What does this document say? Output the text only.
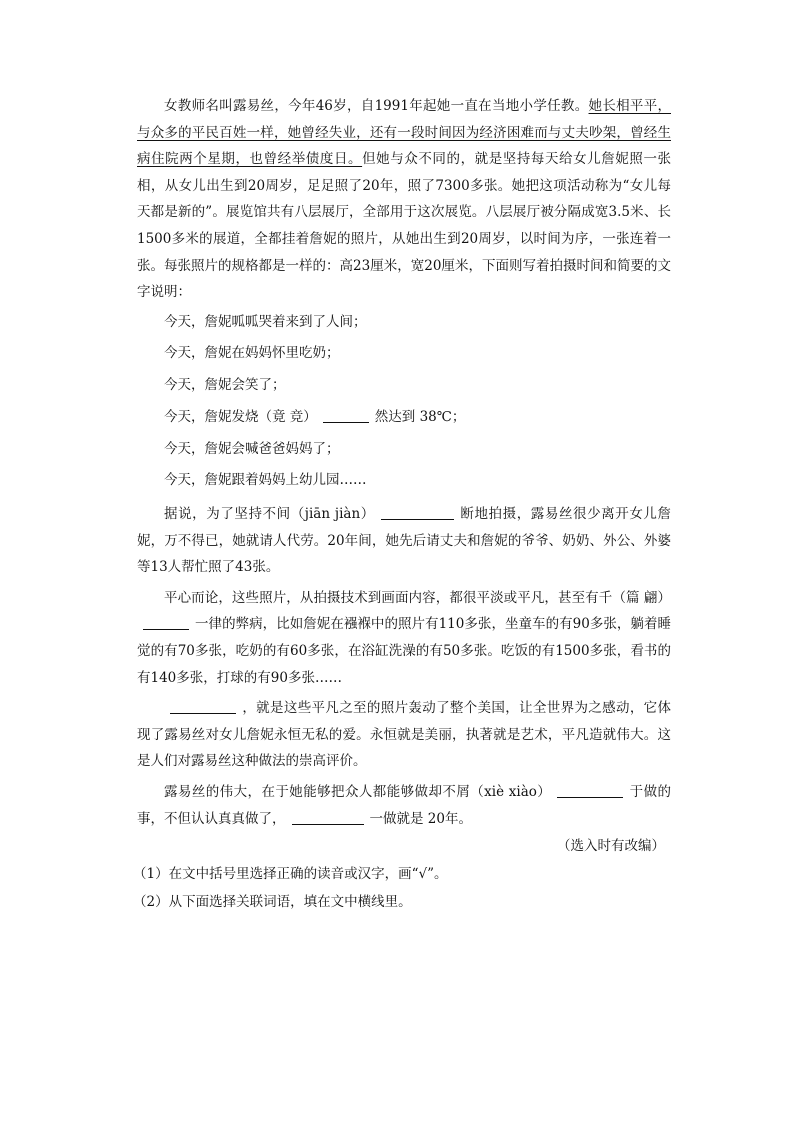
女教师名叫露易丝，今年46岁，自1991年起她一直在当地小学任教。她长相平平，与众多的平民百姓一样，她曾经失业，还有一段时间因为经济困难而与丈夫吵架，曾经生病住院两个星期，也曾经举债度日。但她与众不同的，就是坚持每天给女儿詹妮照一张相，从女儿出生到20周岁，足足照了20年，照了7300多张。她把这项活动称为“女儿每天都是新的”。展览馆共有八层展厅，全部用于这次展览。八层展厅被分隔成宽3.5米、长1500多米的展道，全都挂着詹妮的照片，从她出生到20周岁，以时间为序，一张连着一张。每张照片的规格都是一样的：高23厘米，宽20厘米，下面则写着拍摄时间和简要的文字说明：

今天，詹妮呱呱哭着来到了人间；

今天，詹妮在妈妈怀里吃奶；

今天，詹妮会笑了；

今天，詹妮发烧（竟 竞）	然达到 38℃；

今天，詹妮会喊爸爸妈妈了；

今天，詹妮跟着妈妈上幼儿园……

据说，为了坚持不间（jiān jiàn）	断地拍摄，露易丝很少离开女儿詹妮，万不得已，她就请人代劳。20年间，她先后请丈夫和詹妮的爷爷、奶奶、外公、外婆等13人帮忙照了43张。

平心而论，这些照片，从拍摄技术到画面内容，都很平淡或平凡，甚至有千（篇 翩）一律的弊病，比如詹妮在襁褓中的照片有110多张，坐童车的有90多张，躺着睡觉的有70多张，吃奶的有60多张，在浴缸洗澡的有50多张。吃饭的有1500多张，看书的有140多张，打球的有90多张……

，就是这些平凡之至的照片轰动了整个美国，让全世界为之感动，它体现了露易丝对女儿詹妮永恒无私的爱。永恒就是美丽，执著就是艺术，平凡造就伟大。这是人们对露易丝这种做法的崇高评价。

露易丝的伟大，在于她能够把众人都能够做却不屑（xiè xiào）	于做的事，不但认认真真做了，	一做就是 20年。

（选入时有改编）

（1）在文中括号里选择正确的读音或汉字，画“√”。

（2）从下面选择关联词语，填在文中横线里。
